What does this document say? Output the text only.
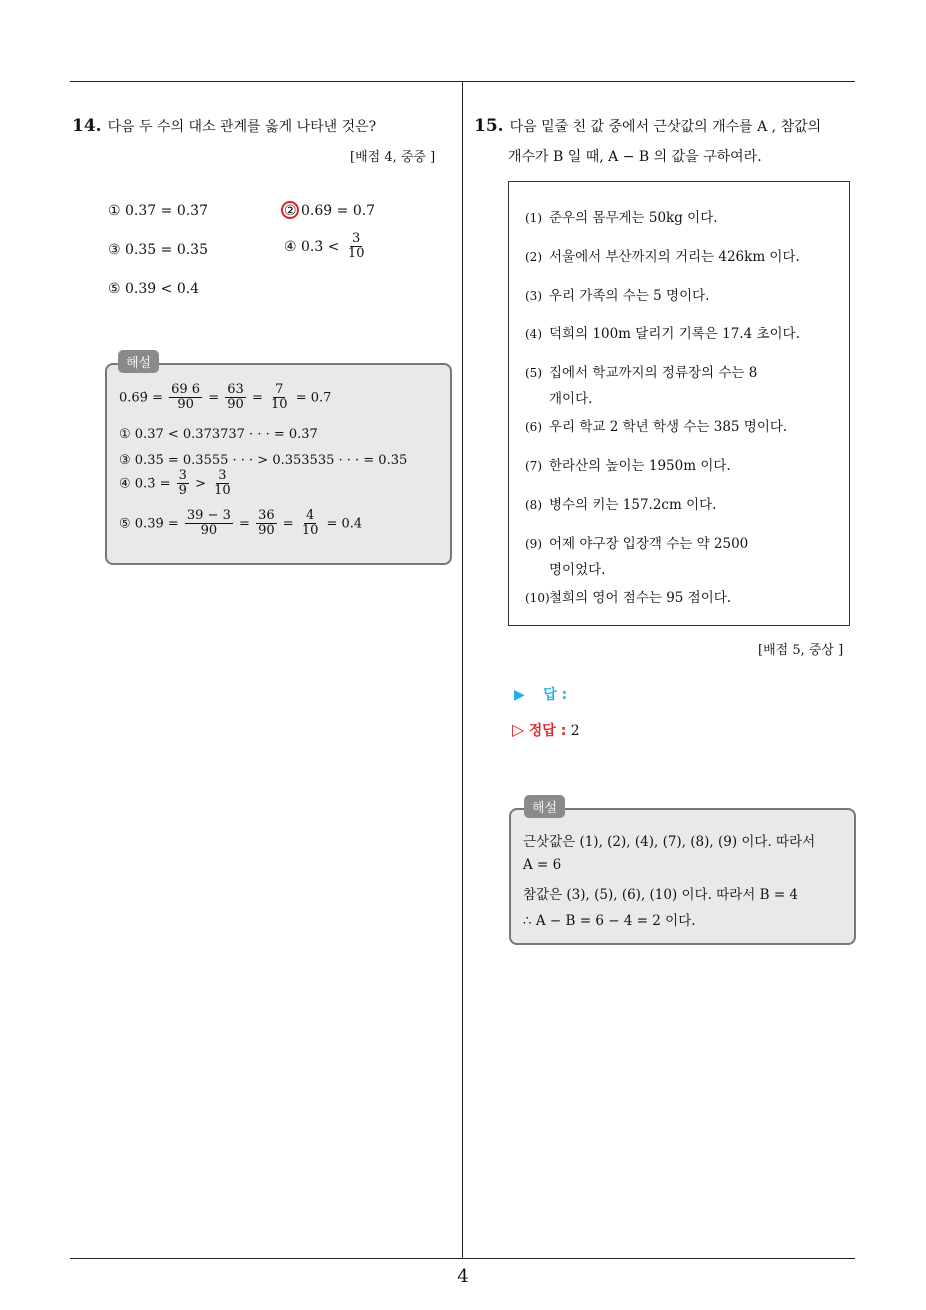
14. 다음 두 수의 대소 관계를 옳게 나타낸 것은?
[배점 4, 중중 ]
① 0.37 = 0.3̇7̇	② 0.69̇ = 0.7
③ 0.35̇ = 0.3̇5̇	④ 0.3̇ < $\frac{3}{10}$
⑤ 0.39̇ < 0.4
0.69̇ = $\frac{69 6}{90} = \frac{63}{90} = \frac{7}{10} = 0.7$
① 0.37 < 0.373737 · · · = 0.3̇7̇
③ 0.35̇ = 0.3555 · · · > 0.353535 · · · = 0.3̇5̇
④ 0.3̇ = $\frac{3}{9} > \frac{3}{10}$
⑤ 0.39̇ = $\frac{39 - 3}{90} = \frac{36}{90} = \frac{4}{10} = 0.4$
해설
15. 다음 밑줄 친 값 중에서 근삿값의 개수를 A , 참값의
개수가 B 일 때, A − B 의 값을 구하여라.
(1) 준우의 몸무게는 50kg 이다.
(2) 서울에서 부산까지의 거리는 426km 이다.
(3) 우리 가족의 수는 5 명이다.
(4) 덕희의 100m 달리기 기록은 17.4 초이다.
(5) 집에서 학교까지의 정류장의 수는 8
개이다.
(6) 우리 학교 2 학년 학생 수는 385 명이다.
(7) 한라산의 높이는 1950m 이다.
(8) 병수의 키는 157.2cm 이다.
(9) 어제 야구장 입장객 수는 약 2500
명이었다.
(10)철희의 영어 점수는 95 점이다.
[배점 5, 중상 ]
▶ 답 :
▷ 정답 : 2
근삿값은 (1), (2), (4), (7), (8), (9) 이다. 따라서
A = 6
참값은 (3), (5), (6), (10) 이다. 따라서 B = 4
∴ A − B = 6 − 4 = 2 이다.
해설
4
